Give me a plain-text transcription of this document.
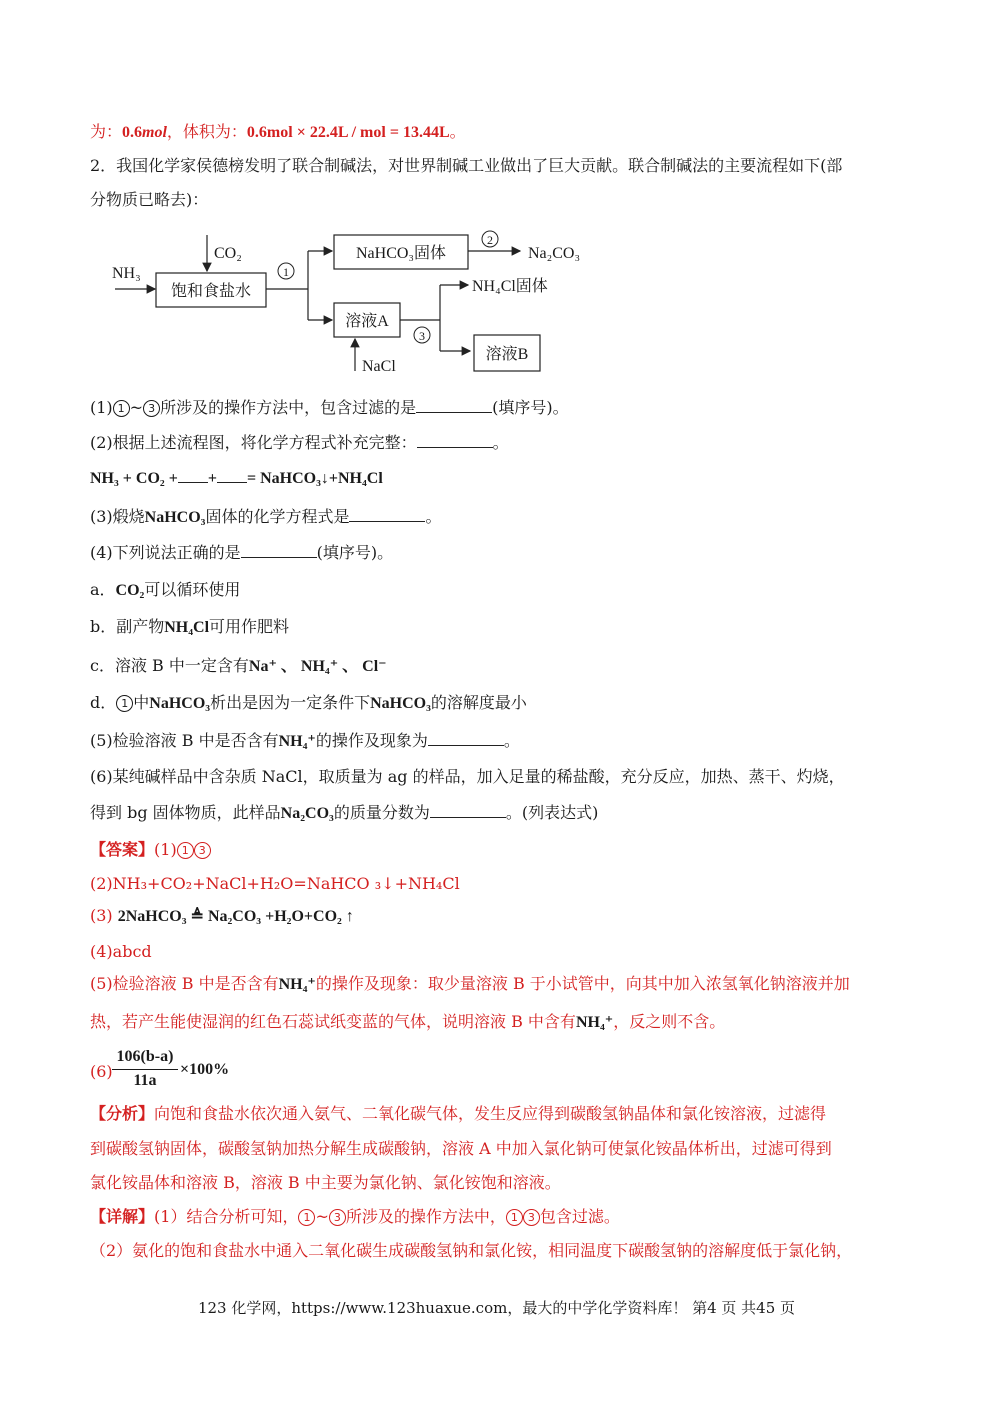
为：0.6mol，体积为：0.6mol × 22.4L / mol = 13.44L。
2．我国化学家侯德榜发明了联合制碱法，对世界制碱工业做出了巨大贡献。联合制碱法的主要流程如下(部
分物质已略去)：
NH₃
CO₂
饱和食盐水
1
NaHCO₃固体
2
Na₂CO₃
溶液A
NaCl
3
NH₄Cl固体
溶液B
(1) 1 ~ 3 所涉及的操作方法中，包含过滤的是	(填序号)。
(2)根据上述流程图，将化学方程式补充完整：	。
NH₃ + CO₂ + + = NaHCO₃↓+NH₄Cl
(3)煅烧NaHCO₃固体的化学方程式是	。
(4)下列说法正确的是	(填序号)。
a．CO₂可以循环使用
b．副产物NH₄Cl可用作肥料
c．溶液 B 中一定含有Na⁺ 、 NH₄⁺ 、 Cl⁻
d． 1 中NaHCO₃析出是因为一定条件下NaHCO₃的溶解度最小
(5)检验溶液 B 中是否含有NH₄⁺的操作及现象为	。
(6)某纯碱样品中含杂质 NaCl，取质量为 ag 的样品，加入足量的稀盐酸，充分反应，加热、蒸干、灼烧，
得到 bg 固体物质，此样品Na₂CO₃的质量分数为	。(列表达式)
【答案】(1) 1 3
(2)NH₃+CO₂+NaCl+H₂O=NaHCO ₃↓+NH₄Cl
(3) 2NaHCO₃ ≜ Na₂CO₃ +H₂O+CO₂ ↑
(4)abcd
(5)检验溶液 B 中是否含有NH₄⁺的操作及现象：取少量溶液 B 于小试管中，向其中加入浓氢氧化钠溶液并加
热，若产生能使湿润的红色石蕊试纸变蓝的气体，说明溶液 B 中含有NH₄⁺，反之则不含。
(6)
106(b-a)
11a
×100%
【分析】向饱和食盐水依次通入氨气、二氧化碳气体，发生反应得到碳酸氢钠晶体和氯化铵溶液，过滤得
到碳酸氢钠固体，碳酸氢钠加热分解生成碳酸钠，溶液 A 中加入氯化钠可使氯化铵晶体析出，过滤可得到
氯化铵晶体和溶液 B，溶液 B 中主要为氯化钠、氯化铵饱和溶液。
【详解】(1）结合分析可知， 1 ~ 3 所涉及的操作方法中， 1 3 包含过滤。
（2）氨化的饱和食盐水中通入二氧化碳生成碳酸氢钠和氯化铵，相同温度下碳酸氢钠的溶解度低于氯化钠，
123 化学网，https://www.123huaxue.com，最大的中学化学资料库！ 第4 页 共45 页
